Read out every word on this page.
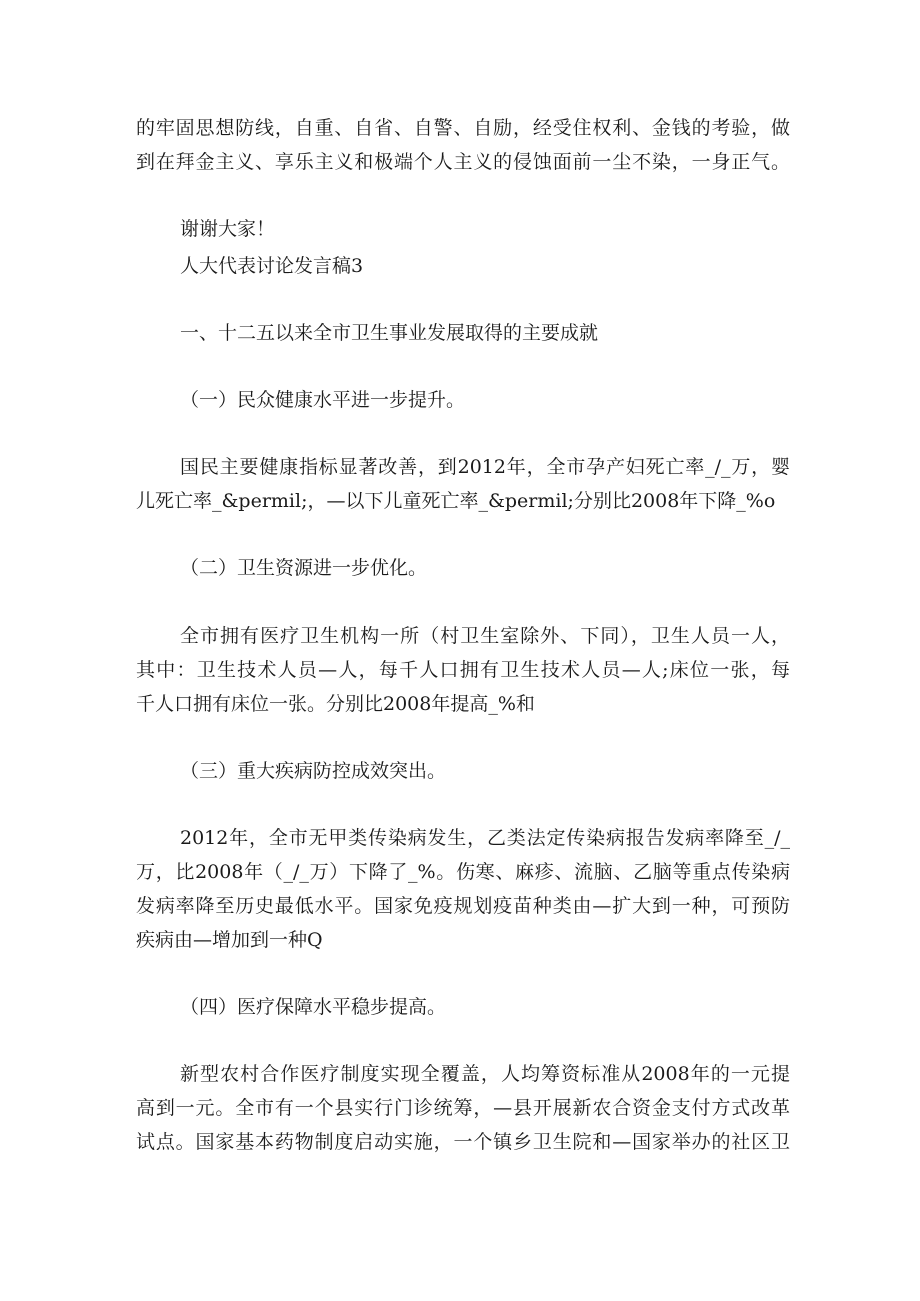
的牢固思想防线，自重、自省、自警、自励，经受住权利、金钱的考验，做
到在拜金主义、享乐主义和极端个人主义的侵蚀面前一尘不染，一身正气。
谢谢大家！
人大代表讨论发言稿3
一、十二五以来全市卫生事业发展取得的主要成就
（一）民众健康水平进一步提升。
国民主要健康指标显著改善，到2012年，全市孕产妇死亡率_/_万，婴
儿死亡率_&permil;，—以下儿童死亡率_&permil;分别比2008年下降_%o
（二）卫生资源进一步优化。
全市拥有医疗卫生机构一所（村卫生室除外、下同），卫生人员一人，
其中：卫生技术人员—人，每千人口拥有卫生技术人员—人;床位一张，每
千人口拥有床位一张。分别比2008年提高_%和
（三）重大疾病防控成效突出。
2012年，全市无甲类传染病发生，乙类法定传染病报告发病率降至_/_
万，比2008年（_/_万）下降了_%。伤寒、麻疹、流脑、乙脑等重点传染病
发病率降至历史最低水平。国家免疫规划疫苗种类由—扩大到一种，可预防
疾病由—增加到一种Q
（四）医疗保障水平稳步提高。
新型农村合作医疗制度实现全覆盖，人均筹资标准从2008年的一元提
高到一元。全市有一个县实行门诊统筹，—县开展新农合资金支付方式改革
试点。国家基本药物制度启动实施，一个镇乡卫生院和—国家举办的社区卫
